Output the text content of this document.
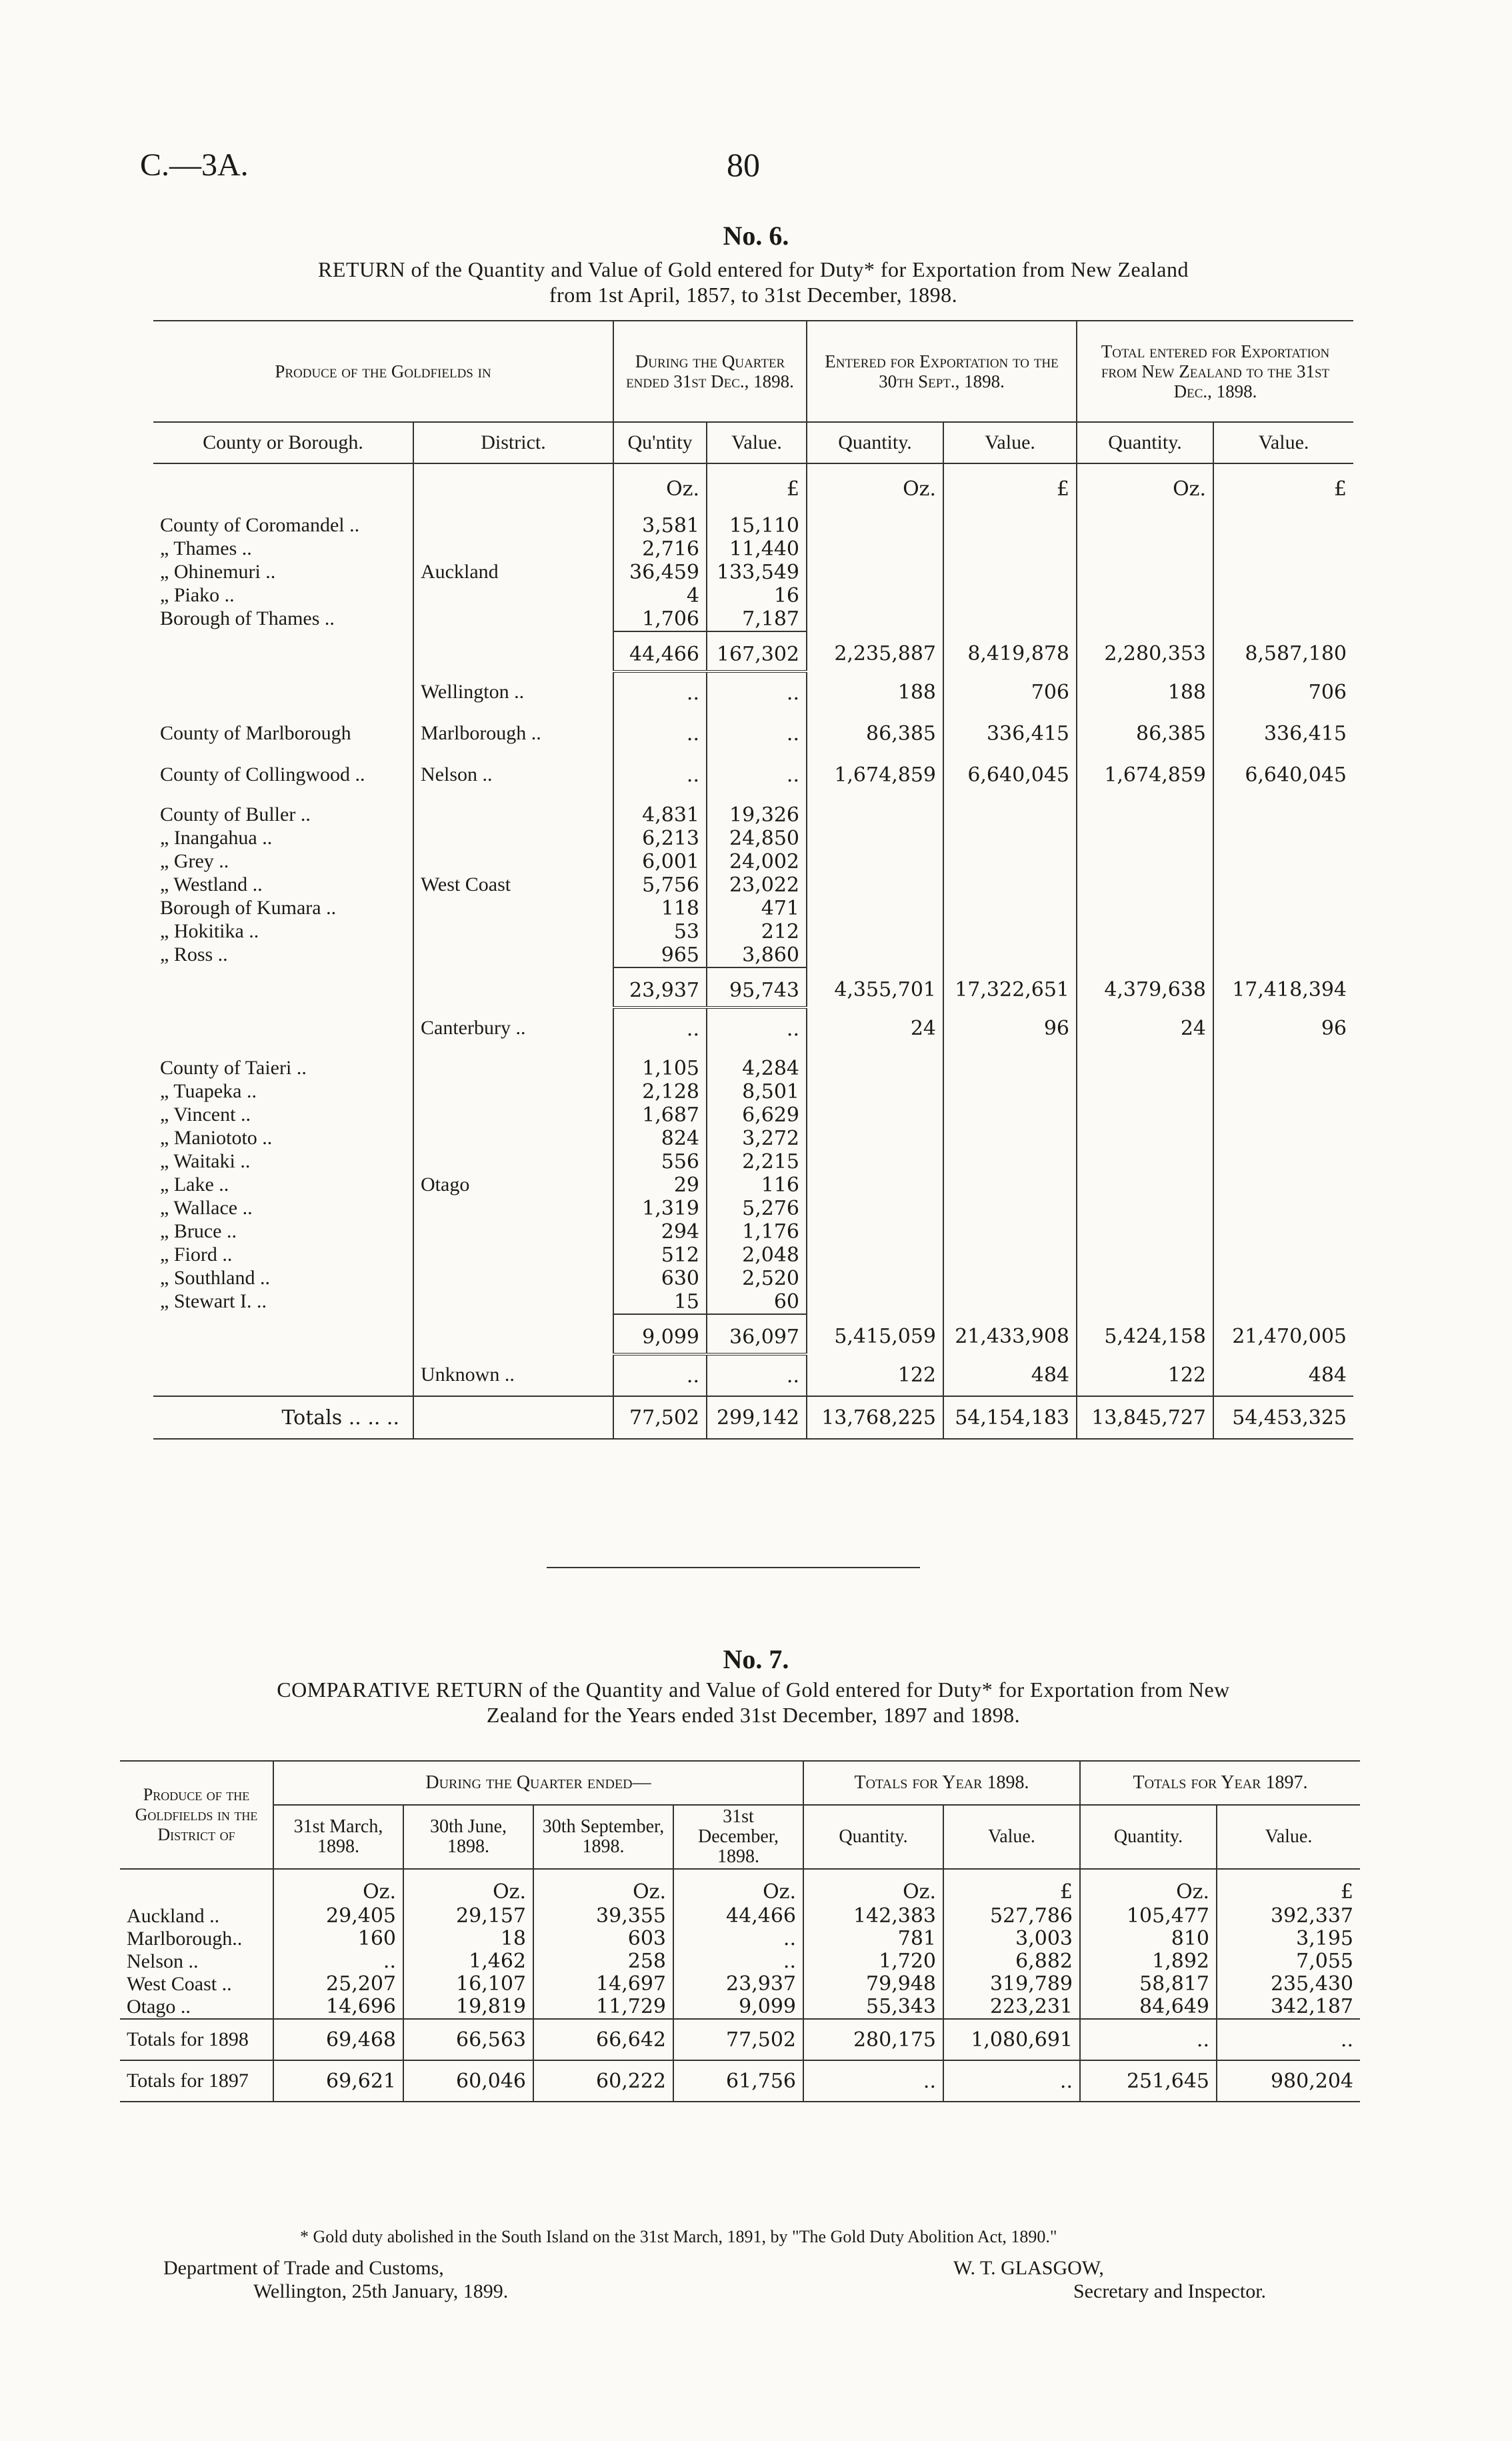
C.—3A.	80
No. 6.
RETURN of the Quantity and Value of Gold entered for Duty* for Exportation from New Zealand
from 1st April, 1857, to 31st December, 1898.
Produce of the Goldfields in		During the Quarter ended 31st Dec., 1898.		Entered for Exportation to the 30th Sept., 1898.		Total entered for Exportation from New Zealand to the 31st Dec., 1898.	
County or Borough.	District.	Qu'ntity	Value.	Quantity.	Value.	Quantity.	Value.
		Oz.	£	Oz.	£	Oz.	£

County of Coromandel ..		3,581	15,110				
„ Thames ..		2,716	11,440				
„ Ohinemuri ..	Auckland	36,459	133,549				
„ Piako ..		4	16				
Borough of Thames ..		1,706	7,187				
		44,466	167,302	2,235,887	8,419,878	2,280,353	8,587,180
	Wellington ..	..	..	188	706	188	706
County of Marlborough	Marlborough ..	..	..	86,385	336,415	86,385	336,415
County of Collingwood ..	Nelson ..	..	..	1,674,859	6,640,045	1,674,859	6,640,045

County of Buller ..		4,831	19,326				
„ Inangahua ..		6,213	24,850				
„ Grey ..		6,001	24,002				
„ Westland ..	West Coast	5,756	23,022				
Borough of Kumara ..		118	471				
„ Hokitika ..		53	212				
„ Ross ..		965	3,860				
		23,937	95,743	4,355,701	17,322,651	4,379,638	17,418,394
	Canterbury ..	..	..	24	96	24	96

County of Taieri ..		1,105	4,284				
„ Tuapeka ..		2,128	8,501				
„ Vincent ..		1,687	6,629				
„ Maniototo ..		824	3,272				
„ Waitaki ..		556	2,215				
„ Lake ..	Otago	29	116				
„ Wallace ..		1,319	5,276				
„ Bruce ..		294	1,176				
„ Fiord ..		512	2,048				
„ Southland ..		630	2,520				
„ Stewart I. ..		15	60				
		9,099	36,097	5,415,059	21,433,908	5,424,158	21,470,005
	Unknown ..	..	..	122	484	122	484
Totals .. .. ..		77,502	299,142	13,768,225	54,154,183	13,845,727	54,453,325
No. 7.
COMPARATIVE RETURN of the Quantity and Value of Gold entered for Duty* for Exportation from New
Zealand for the Years ended 31st December, 1897 and 1898.
Produce of the Goldfields in the District of	During the Quarter ended—				Totals for Year 1898.		Totals for Year 1897.	
	31st March, 1898.	30th June, 1898.	30th September, 1898.	31st December, 1898.	Quantity.	Value.	Quantity.	Value.
	Oz.	Oz.	Oz.	Oz.	Oz.	£	Oz.	£
Auckland ..	29,405	29,157	39,355	44,466	142,383	527,786	105,477	392,337
Marlborough..	160	18	603	..	781	3,003	810	3,195
Nelson ..	..	1,462	258	..	1,720	6,882	1,892	7,055
West Coast ..	25,207	16,107	14,697	23,937	79,948	319,789	58,817	235,430
Otago ..	14,696	19,819	11,729	9,099	55,343	223,231	84,649	342,187
Totals for 1898	69,468	66,563	66,642	77,502	280,175	1,080,691	..	..
Totals for 1897	69,621	60,046	60,222	61,756	..	..	251,645	980,204
* Gold duty abolished in the South Island on the 31st March, 1891, by "The Gold Duty Abolition Act, 1890."
Department of Trade and Customs,
Wellington, 25th January, 1899.
W. T. GLASGOW,
Secretary and Inspector.
